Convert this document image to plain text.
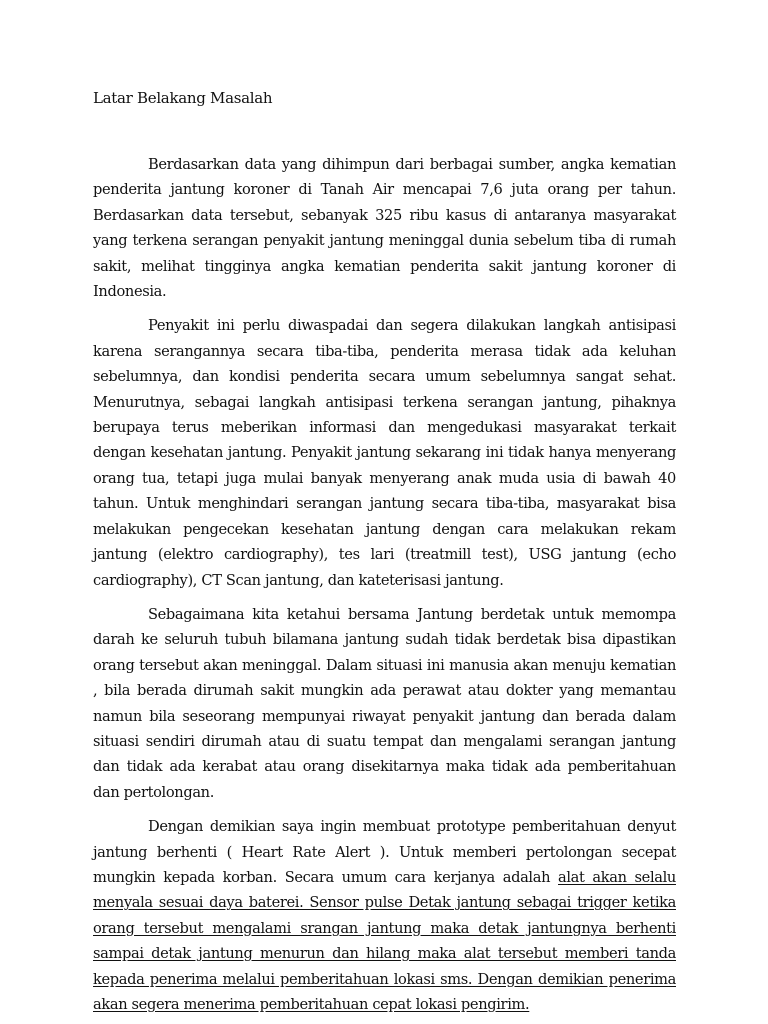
Latar Belakang Masalah

Berdasarkan data yang dihimpun dari berbagai sumber, angka kematian penderita jantung koroner di Tanah Air mencapai 7,6 juta orang per tahun. Berdasarkan data tersebut, sebanyak 325 ribu kasus di antaranya masyarakat yang terkena serangan penyakit jantung meninggal dunia sebelum tiba di rumah sakit, melihat tingginya angka kematian penderita sakit jantung koroner di Indonesia.

Penyakit ini perlu diwaspadai dan segera dilakukan langkah antisipasi karena serangannya secara tiba-tiba, penderita merasa tidak ada keluhan sebelumnya, dan kondisi penderita secara umum sebelumnya sangat sehat. Menurutnya, sebagai langkah antisipasi terkena serangan jantung, pihaknya berupaya terus meberikan informasi dan mengedukasi masyarakat terkait dengan kesehatan jantung. Penyakit jantung sekarang ini tidak hanya menyerang orang tua, tetapi juga mulai banyak menyerang anak muda usia di bawah 40 tahun. Untuk menghindari serangan jantung secara tiba-tiba, masyarakat bisa melakukan pengecekan kesehatan jantung dengan cara melakukan rekam jantung (elektro cardiography), tes lari (treatmill test), USG jantung (echo cardiography), CT Scan jantung, dan kateterisasi jantung.

Sebagaimana kita ketahui bersama Jantung berdetak untuk memompa darah ke seluruh tubuh bilamana jantung sudah tidak berdetak bisa dipastikan orang tersebut akan meninggal. Dalam situasi ini manusia akan menuju kematian , bila berada dirumah sakit mungkin ada perawat atau dokter yang memantau namun bila seseorang mempunyai riwayat penyakit jantung dan berada dalam situasi sendiri dirumah atau di suatu tempat dan mengalami serangan jantung dan tidak ada kerabat atau orang disekitarnya maka tidak ada pemberitahuan dan pertolongan.

Dengan demikian saya ingin membuat prototype pemberitahuan denyut jantung berhenti ( Heart Rate Alert ). Untuk memberi pertolongan secepat mungkin kepada korban. Secara umum cara kerjanya adalah alat akan selalu menyala sesuai daya baterei. Sensor pulse Detak jantung sebagai trigger ketika orang tersebut mengalami srangan jantung maka detak jantungnya berhenti sampai detak jantung menurun dan hilang maka alat tersebut memberi tanda kepada penerima melalui pemberitahuan lokasi sms. Dengan demikian penerima akan segera menerima pemberitahuan cepat lokasi pengirim.
